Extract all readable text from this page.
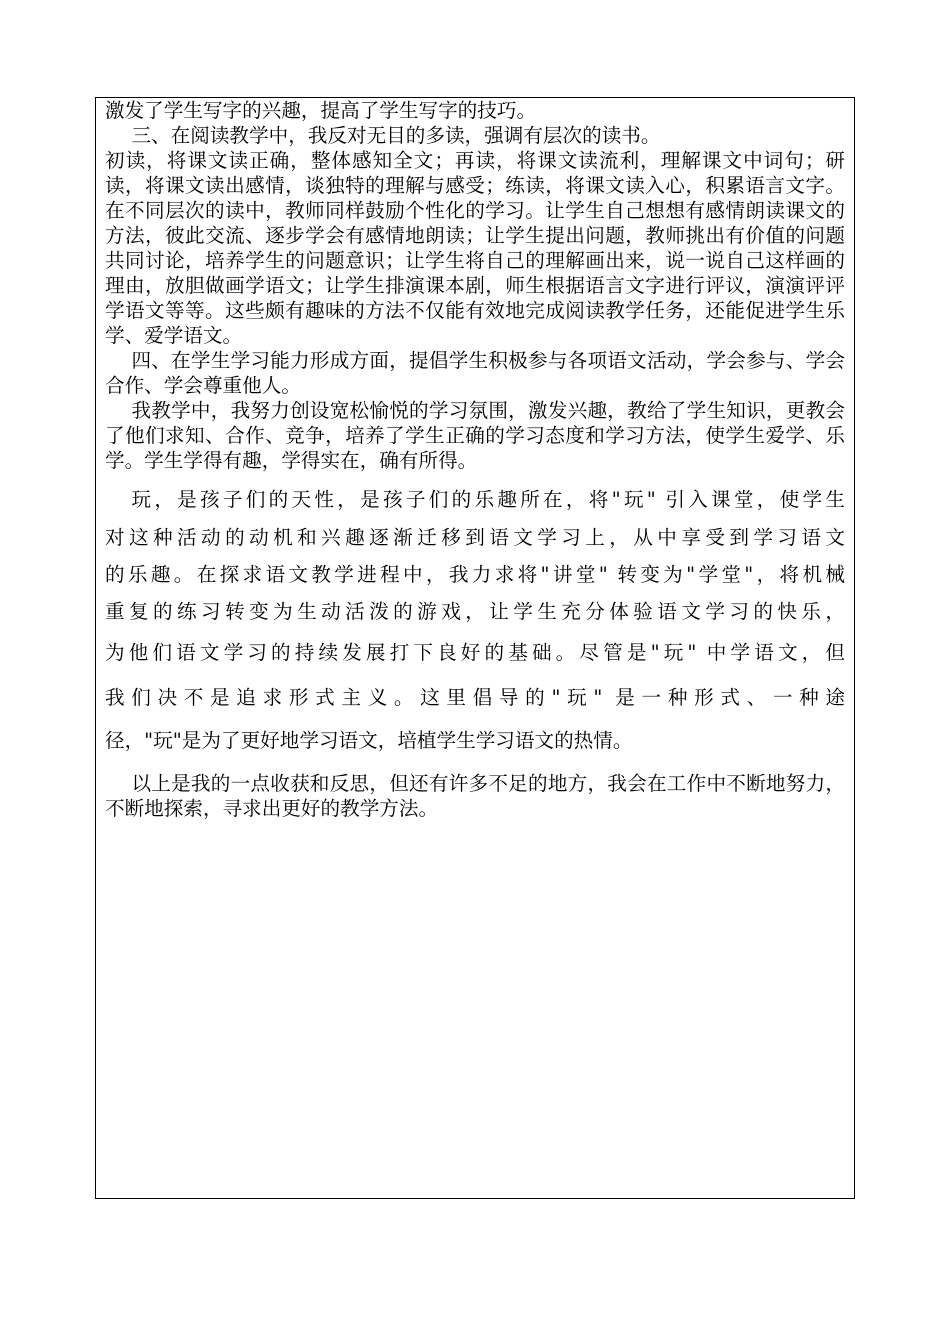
激发了学生写字的兴趣，提高了学生写字的技巧。

三、在阅读教学中，我反对无目的多读，强调有层次的读书。

初读，将课文读正确，整体感知全文；再读，将课文读流利，理解课文中词句；研读，将课文读出感情，谈独特的理解与感受；练读，将课文读入心，积累语言文字。在不同层次的读中，教师同样鼓励个性化的学习。让学生自己想想有感情朗读课文的方法，彼此交流、逐步学会有感情地朗读；让学生提出问题，教师挑出有价值的问题共同讨论，培养学生的问题意识；让学生将自己的理解画出来，说一说自己这样画的理由，放胆做画学语文；让学生排演课本剧，师生根据语言文字进行评议，演演评评学语文等等。这些颇有趣味的方法不仅能有效地完成阅读教学任务，还能促进学生乐学、爱学语文。

四、在学生学习能力形成方面，提倡学生积极参与各项语文活动，学会参与、学会合作、学会尊重他人。

我教学中，我努力创设宽松愉悦的学习氛围，激发兴趣，教给了学生知识，更教会了他们求知、合作、竞争，培养了学生正确的学习态度和学习方法，使学生爱学、乐学。学生学得有趣，学得实在，确有所得。

玩，是孩子们的天性，是孩子们的乐趣所在，将"玩" 引入课堂，使学生
对这种活动的动机和兴趣逐渐迁移到语文学习上，从中享受到学习语文
的乐趣。在探求语文教学进程中，我力求将"讲堂" 转变为"学堂"，将机械
重复的练习转变为生动活泼的游戏，让学生充分体验语文学习的快乐，
为他们语文学习的持续发展打下良好的基础。尽管是"玩" 中学语文，但
我们决不是追求形式主义。这里倡导的"玩" 是一种形式、一种途
径，"玩"是为了更好地学习语文，培植学生学习语文的热情。

以上是我的一点收获和反思，但还有许多不足的地方，我会在工作中不断地努力，不断地探索，寻求出更好的教学方法。
